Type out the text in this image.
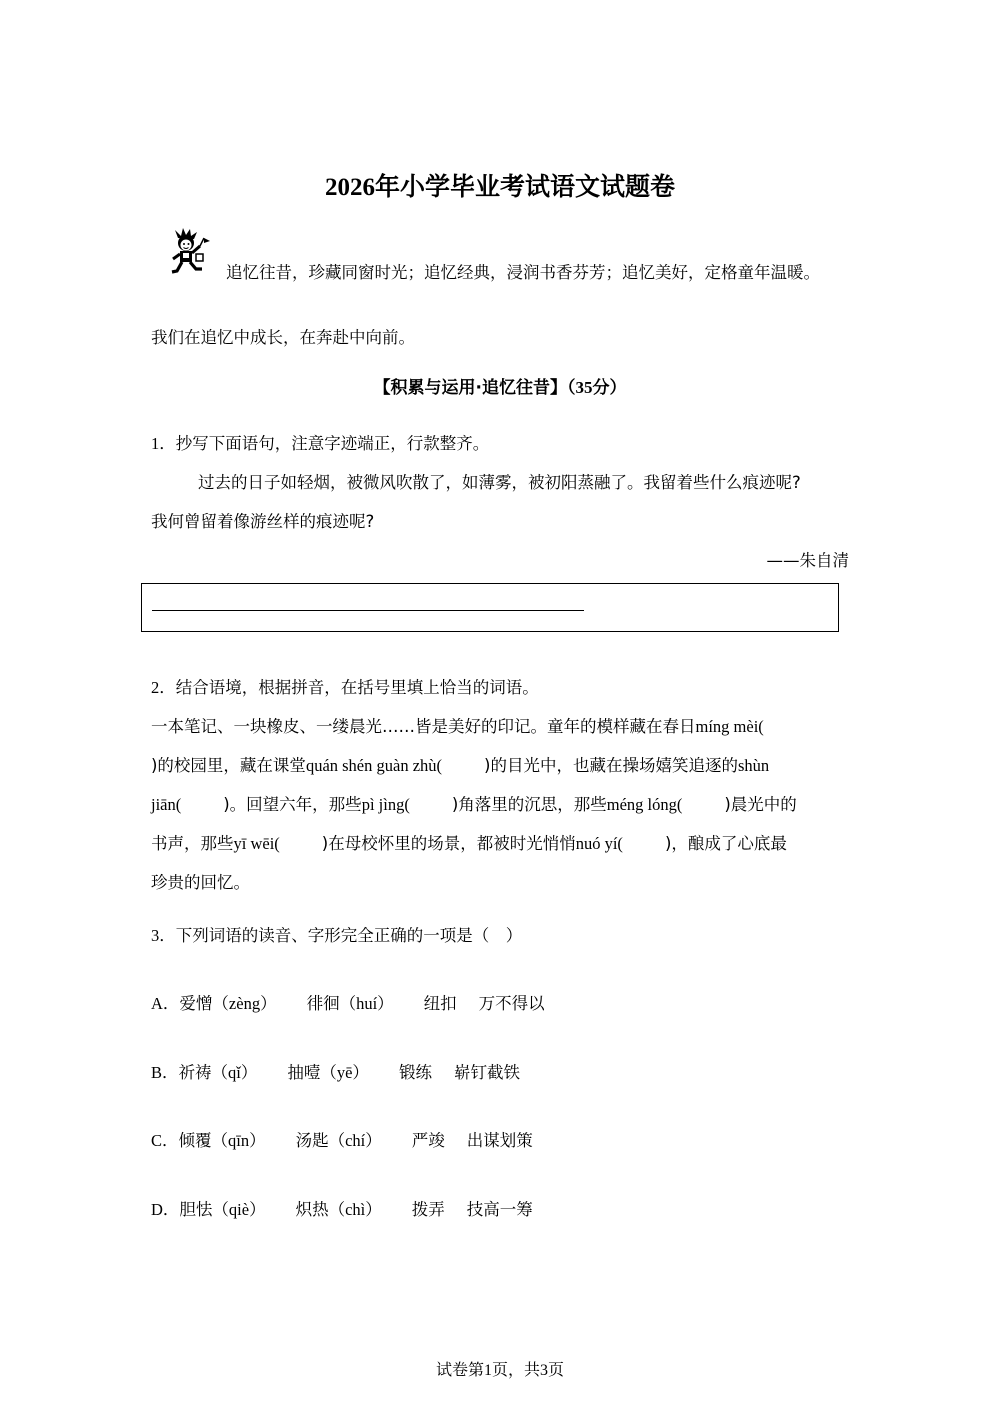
2026年小学毕业考试语文试题卷
追忆往昔，珍藏同窗时光；追忆经典，浸润书香芬芳；追忆美好，定格童年温暖。
我们在追忆中成长，在奔赴中向前。
【积累与运用·追忆往昔】（35分）
1．抄写下面语句，注意字迹端正，行款整齐。
过去的日子如轻烟，被微风吹散了，如薄雾，被初阳蒸融了。我留着些什么痕迹呢?
我何曾留着像游丝样的痕迹呢?
——朱自清
2．结合语境，根据拼音，在括号里填上恰当的词语。
一本笔记、一块橡皮、一缕晨光……皆是美好的印记。童年的模样藏在春日míng mèi(
)的校园里，藏在课堂quán shén guàn zhù(	)的目光中，也藏在操场嬉笑追逐的shùn
jiān(	)。回望六年，那些pì jìng(	)角落里的沉思，那些méng lóng(	)晨光中的
书声，那些yī wēi(	)在母校怀里的场景，都被时光悄悄nuó yí(	)，酿成了心底最
珍贵的回忆。
3．下列词语的读音、字形完全正确的一项是（　）
A．爱憎（zèng） 徘徊（huí） 纽扣 万不得以
B．祈祷（qǐ） 抽噎（yē） 锻练 崭钉截铁
C．倾覆（qīn） 汤匙（chí） 严竣 出谋划策
D．胆怯（qiè） 炽热（chì） 拨弄 技高一筹
试卷第1页，共3页
